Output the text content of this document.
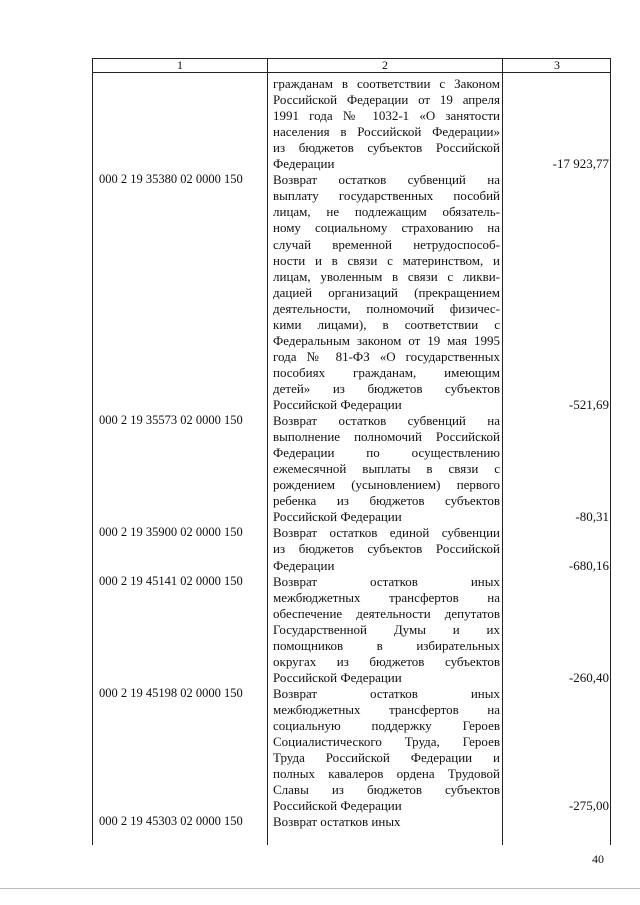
1	2	3
гражданам в соответствии с Законом
Российской Федерации от 19 апреля
1991 года № 1032-1 «О занятости
населения в Российской Федерации»
из бюджетов субъектов Российской
Федерации	-17 923,77
000 2 19 35380 02 0000 150	Возврат остатков субвенций на
выплату государственных пособий
лицам, не подлежащим обязатель-
ному социальному страхованию на
случай временной нетрудоспособ-
ности и в связи с материнством, и
лицам, уволенным в связи с ликви-
дацией организаций (прекращением
деятельности, полномочий физичес-
кими лицами), в соответствии с
Федеральным законом от 19 мая 1995
года № 81-ФЗ «О государственных
пособиях гражданам, имеющим
детей» из бюджетов субъектов
Российской Федерации	-521,69
000 2 19 35573 02 0000 150	Возврат остатков субвенций на
выполнение полномочий Российской
Федерации по осуществлению
ежемесячной выплаты в связи с
рождением (усыновлением) первого
ребенка из бюджетов субъектов
Российской Федерации	-80,31
000 2 19 35900 02 0000 150	Возврат остатков единой субвенции
из бюджетов субъектов Российской
Федерации	-680,16
000 2 19 45141 02 0000 150	Возврат остатков иных
межбюджетных трансфертов на
обеспечение деятельности депутатов
Государственной Думы и их
помощников в избирательных
округах из бюджетов субъектов
Российской Федерации	-260,40
000 2 19 45198 02 0000 150	Возврат остатков иных
межбюджетных трансфертов на
социальную поддержку Героев
Социалистического Труда, Героев
Труда Российской Федерации и
полных кавалеров ордена Трудовой
Славы из бюджетов субъектов
Российской Федерации	-275,00
000 2 19 45303 02 0000 150	Возврат остатков иных
40
